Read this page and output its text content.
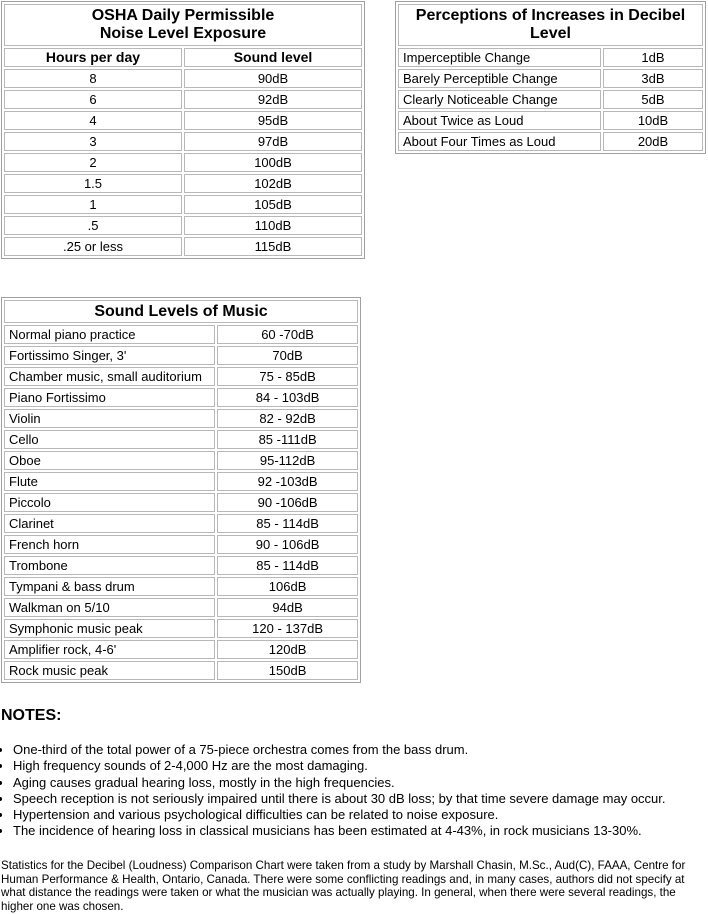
OSHA Daily Permissible
Noise Level Exposure	
Hours per day	Sound level
8	90dB
6	92dB
4	95dB
3	97dB
2	100dB
1.5	102dB
1	105dB
.5	110dB
.25 or less	115dB
Perceptions of Increases in Decibel Level	
Imperceptible Change	1dB
Barely Perceptible Change	3dB
Clearly Noticeable Change	5dB
About Twice as Loud	10dB
About Four Times as Loud	20dB
Sound Levels of Music	
Normal piano practice	60 -70dB
Fortissimo Singer, 3'	70dB
Chamber music, small auditorium	75 - 85dB
Piano Fortissimo	84 - 103dB
Violin	82 - 92dB
Cello	85 -111dB
Oboe	95-112dB
Flute	92 -103dB
Piccolo	90 -106dB
Clarinet	85 - 114dB
French horn	90 - 106dB
Trombone	85 - 114dB
Tympani & bass drum	106dB
Walkman on 5/10	94dB
Symphonic music peak	120 - 137dB
Amplifier rock, 4-6'	120dB
Rock music peak	150dB
NOTES:
• One-third of the total power of a 75-piece orchestra comes from the bass drum.
• High frequency sounds of 2-4,000 Hz are the most damaging.
• Aging causes gradual hearing loss, mostly in the high frequencies.
• Speech reception is not seriously impaired until there is about 30 dB loss; by that time severe damage may occur.
• Hypertension and various psychological difficulties can be related to noise exposure.
• The incidence of hearing loss in classical musicians has been estimated at 4-43%, in rock musicians 13-30%.

Statistics for the Decibel (Loudness) Comparison Chart were taken from a study by Marshall Chasin, M.Sc., Aud(C), FAAA, Centre for Human Performance & Health, Ontario, Canada. There were some conflicting readings and, in many cases, authors did not specify at what distance the readings were taken or what the musician was actually playing. In general, when there were several readings, the higher one was chosen.
